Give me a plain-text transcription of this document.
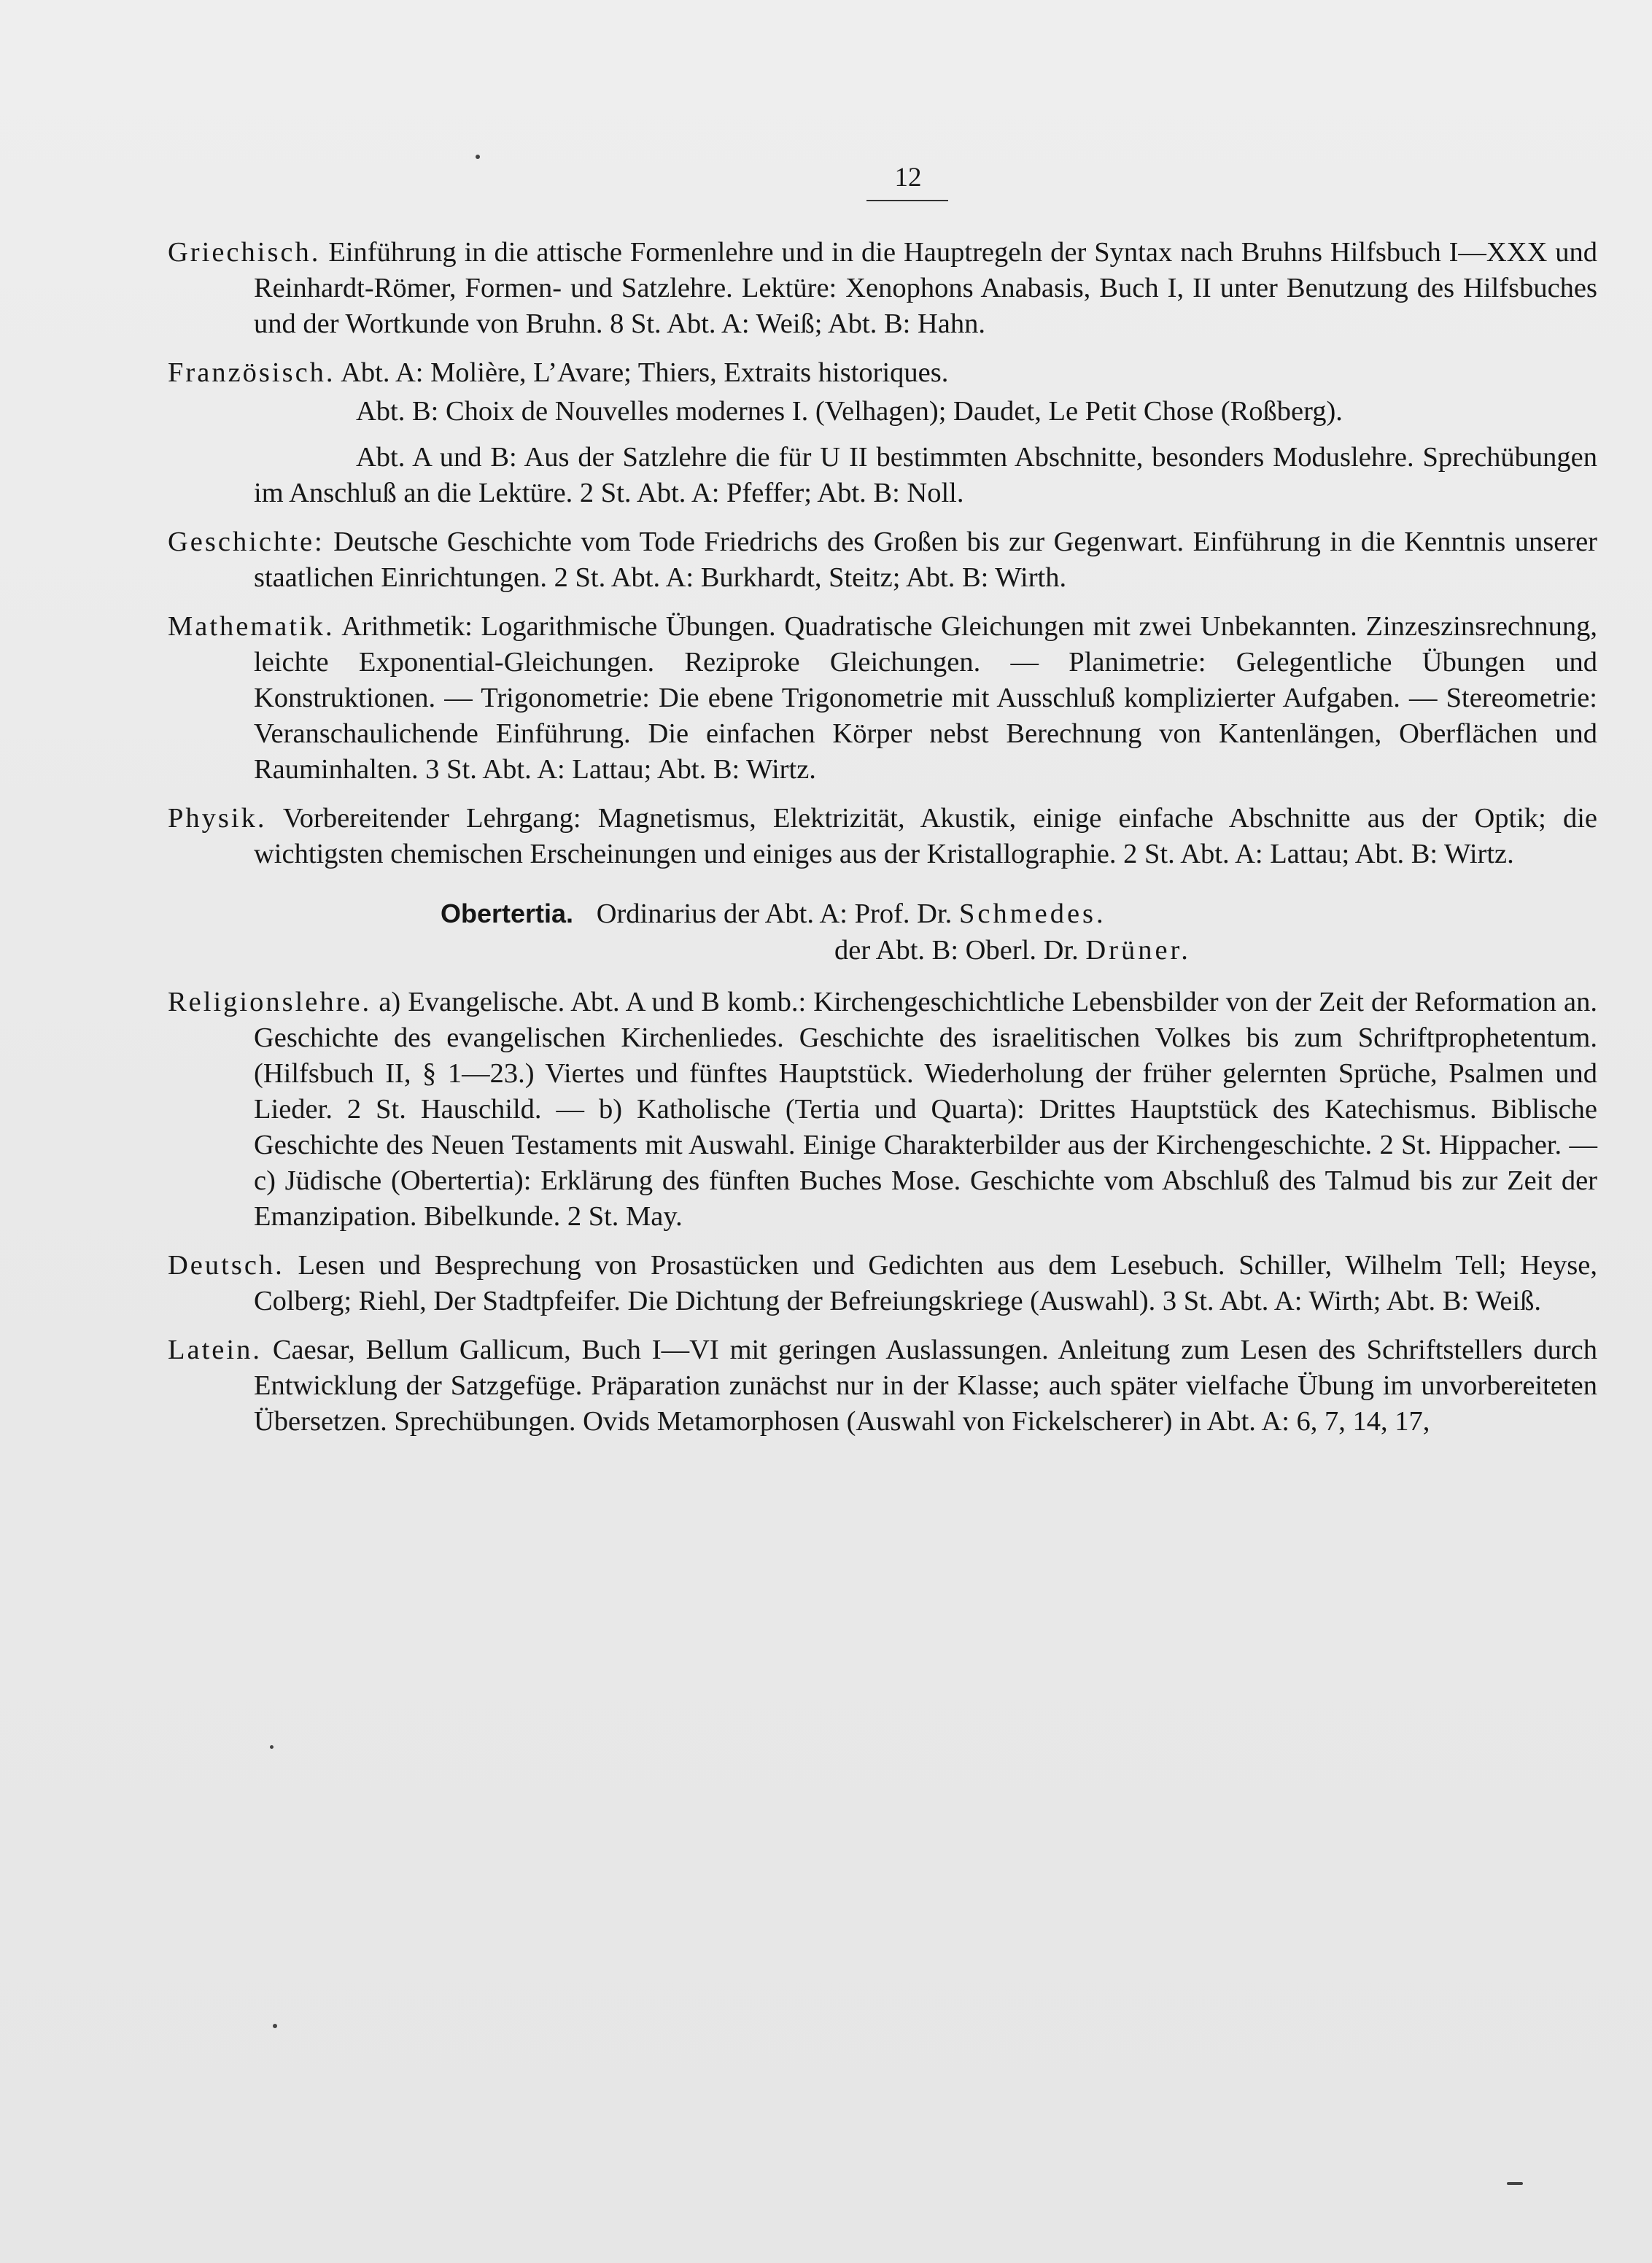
12

Griechisch. Einführung in die attische Formenlehre und in die Hauptregeln der Syntax nach Bruhns Hilfsbuch I—XXX und Reinhardt-Römer, Formen- und Satzlehre. Lektüre: Xenophons Anabasis, Buch I, II unter Benutzung des Hilfsbuches und der Wortkunde von Bruhn. 8 St. Abt. A: Weiß; Abt. B: Hahn.

Französisch. Abt. A: Molière, L’Avare; Thiers, Extraits historiques.

Abt. B: Choix de Nouvelles modernes I. (Velhagen); Daudet, Le Petit Chose (Roßberg).

Abt. A und B: Aus der Satzlehre die für U II bestimmten Abschnitte, besonders Moduslehre. Sprechübungen im Anschluß an die Lektüre. 2 St. Abt. A: Pfeffer; Abt. B: Noll.

Geschichte: Deutsche Geschichte vom Tode Friedrichs des Großen bis zur Gegenwart. Einführung in die Kenntnis unserer staatlichen Einrichtungen. 2 St. Abt. A: Burkhardt, Steitz; Abt. B: Wirth.

Mathematik. Arithmetik: Logarithmische Übungen. Quadratische Gleichungen mit zwei Unbekannten. Zinzeszinsrechnung, leichte Exponential-Gleichungen. Reziproke Gleichungen. — Planimetrie: Gelegentliche Übungen und Konstruktionen. — Trigonometrie: Die ebene Trigonometrie mit Ausschluß komplizierter Aufgaben. — Stereometrie: Veranschaulichende Einführung. Die einfachen Körper nebst Berechnung von Kantenlängen, Oberflächen und Rauminhalten. 3 St. Abt. A: Lattau; Abt. B: Wirtz.

Physik. Vorbereitender Lehrgang: Magnetismus, Elektrizität, Akustik, einige einfache Abschnitte aus der Optik; die wichtigsten chemischen Erscheinungen und einiges aus der Kristallographie. 2 St. Abt. A: Lattau; Abt. B: Wirtz.

Obertertia. Ordinarius der Abt. A: Prof. Dr. Schmedes.
der Abt. B: Oberl. Dr. Drüner.

Religionslehre. a) Evangelische. Abt. A und B komb.: Kirchengeschichtliche Lebensbilder von der Zeit der Reformation an. Geschichte des evangelischen Kirchenliedes. Geschichte des israelitischen Volkes bis zum Schriftprophetentum. (Hilfsbuch II, § 1—23.) Viertes und fünftes Hauptstück. Wiederholung der früher gelernten Sprüche, Psalmen und Lieder. 2 St. Hauschild. — b) Katholische (Tertia und Quarta): Drittes Hauptstück des Katechismus. Biblische Geschichte des Neuen Testaments mit Auswahl. Einige Charakterbilder aus der Kirchengeschichte. 2 St. Hippacher. — c) Jüdische (Obertertia): Erklärung des fünften Buches Mose. Geschichte vom Abschluß des Talmud bis zur Zeit der Emanzipation. Bibelkunde. 2 St. May.

Deutsch. Lesen und Besprechung von Prosastücken und Gedichten aus dem Lesebuch. Schiller, Wilhelm Tell; Heyse, Colberg; Riehl, Der Stadtpfeifer. Die Dichtung der Befreiungskriege (Auswahl). 3 St. Abt. A: Wirth; Abt. B: Weiß.

Latein. Caesar, Bellum Gallicum, Buch I—VI mit geringen Auslassungen. Anleitung zum Lesen des Schriftstellers durch Entwicklung der Satzgefüge. Präparation zunächst nur in der Klasse; auch später vielfache Übung im unvorbereiteten Übersetzen. Sprechübungen. Ovids Metamorphosen (Auswahl von Fickelscherer) in Abt. A: 6, 7, 14, 17,
